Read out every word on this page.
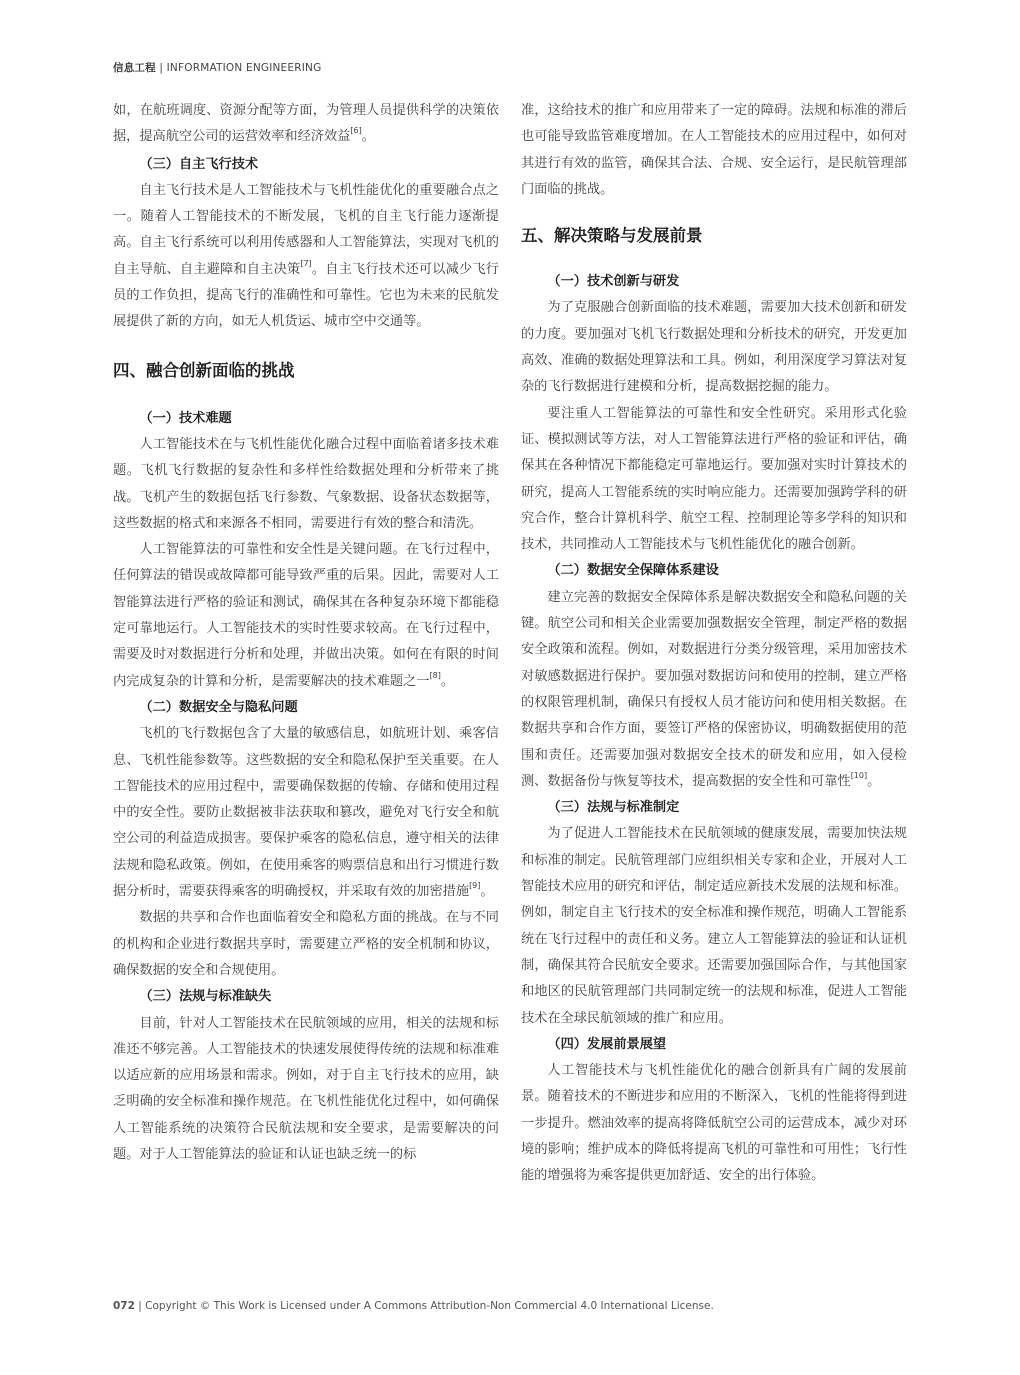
信息工程 | INFORMATION ENGINEERING

如，在航班调度、资源分配等方面，为管理人员提供科学的决策依据，提高航空公司的运营效率和经济效益[6]。

（三）自主飞行技术

自主飞行技术是人工智能技术与飞机性能优化的重要融合点之一。随着人工智能技术的不断发展，飞机的自主飞行能力逐渐提高。自主飞行系统可以利用传感器和人工智能算法，实现对飞机的自主导航、自主避障和自主决策[7]。自主飞行技术还可以减少飞行员的工作负担，提高飞行的准确性和可靠性。它也为未来的民航发展提供了新的方向，如无人机货运、城市空中交通等。

四、融合创新面临的挑战

（一）技术难题

人工智能技术在与飞机性能优化融合过程中面临着诸多技术难题。飞机飞行数据的复杂性和多样性给数据处理和分析带来了挑战。飞机产生的数据包括飞行参数、气象数据、设备状态数据等，这些数据的格式和来源各不相同，需要进行有效的整合和清洗。

人工智能算法的可靠性和安全性是关键问题。在飞行过程中，任何算法的错误或故障都可能导致严重的后果。因此，需要对人工智能算法进行严格的验证和测试，确保其在各种复杂环境下都能稳定可靠地运行。人工智能技术的实时性要求较高。在飞行过程中，需要及时对数据进行分析和处理，并做出决策。如何在有限的时间内完成复杂的计算和分析，是需要解决的技术难题之一[8]。

（二）数据安全与隐私问题

飞机的飞行数据包含了大量的敏感信息，如航班计划、乘客信息、飞机性能参数等。这些数据的安全和隐私保护至关重要。在人工智能技术的应用过程中，需要确保数据的传输、存储和使用过程中的安全性。要防止数据被非法获取和篡改，避免对飞行安全和航空公司的利益造成损害。要保护乘客的隐私信息，遵守相关的法律法规和隐私政策。例如，在使用乘客的购票信息和出行习惯进行数据分析时，需要获得乘客的明确授权，并采取有效的加密措施[9]。

数据的共享和合作也面临着安全和隐私方面的挑战。在与不同的机构和企业进行数据共享时，需要建立严格的安全机制和协议，确保数据的安全和合规使用。

（三）法规与标准缺失

目前，针对人工智能技术在民航领域的应用，相关的法规和标准还不够完善。人工智能技术的快速发展使得传统的法规和标准难以适应新的应用场景和需求。例如，对于自主飞行技术的应用，缺乏明确的安全标准和操作规范。在飞机性能优化过程中，如何确保人工智能系统的决策符合民航法规和安全要求，是需要解决的问题。对于人工智能算法的验证和认证也缺乏统一的标

准，这给技术的推广和应用带来了一定的障碍。法规和标准的滞后也可能导致监管难度增加。在人工智能技术的应用过程中，如何对其进行有效的监管，确保其合法、合规、安全运行，是民航管理部门面临的挑战。

五、解决策略与发展前景

（一）技术创新与研发

为了克服融合创新面临的技术难题，需要加大技术创新和研发的力度。要加强对飞机飞行数据处理和分析技术的研究，开发更加高效、准确的数据处理算法和工具。例如，利用深度学习算法对复杂的飞行数据进行建模和分析，提高数据挖掘的能力。

要注重人工智能算法的可靠性和安全性研究。采用形式化验证、模拟测试等方法，对人工智能算法进行严格的验证和评估，确保其在各种情况下都能稳定可靠地运行。要加强对实时计算技术的研究，提高人工智能系统的实时响应能力。还需要加强跨学科的研究合作，整合计算机科学、航空工程、控制理论等多学科的知识和技术，共同推动人工智能技术与飞机性能优化的融合创新。

（二）数据安全保障体系建设

建立完善的数据安全保障体系是解决数据安全和隐私问题的关键。航空公司和相关企业需要加强数据安全管理，制定严格的数据安全政策和流程。例如，对数据进行分类分级管理，采用加密技术对敏感数据进行保护。要加强对数据访问和使用的控制，建立严格的权限管理机制，确保只有授权人员才能访问和使用相关数据。在数据共享和合作方面，要签订严格的保密协议，明确数据使用的范围和责任。还需要加强对数据安全技术的研发和应用，如入侵检测、数据备份与恢复等技术，提高数据的安全性和可靠性[10]。

（三）法规与标准制定

为了促进人工智能技术在民航领域的健康发展，需要加快法规和标准的制定。民航管理部门应组织相关专家和企业，开展对人工智能技术应用的研究和评估，制定适应新技术发展的法规和标准。例如，制定自主飞行技术的安全标准和操作规范，明确人工智能系统在飞行过程中的责任和义务。建立人工智能算法的验证和认证机制，确保其符合民航安全要求。还需要加强国际合作，与其他国家和地区的民航管理部门共同制定统一的法规和标准，促进人工智能技术在全球民航领域的推广和应用。

（四）发展前景展望

人工智能技术与飞机性能优化的融合创新具有广阔的发展前景。随着技术的不断进步和应用的不断深入，飞机的性能将得到进一步提升。燃油效率的提高将降低航空公司的运营成本，减少对环境的影响；维护成本的降低将提高飞机的可靠性和可用性；飞行性能的增强将为乘客提供更加舒适、安全的出行体验。

072 | Copyright © This Work is Licensed under A Commons Attribution-Non Commercial 4.0 International License.
